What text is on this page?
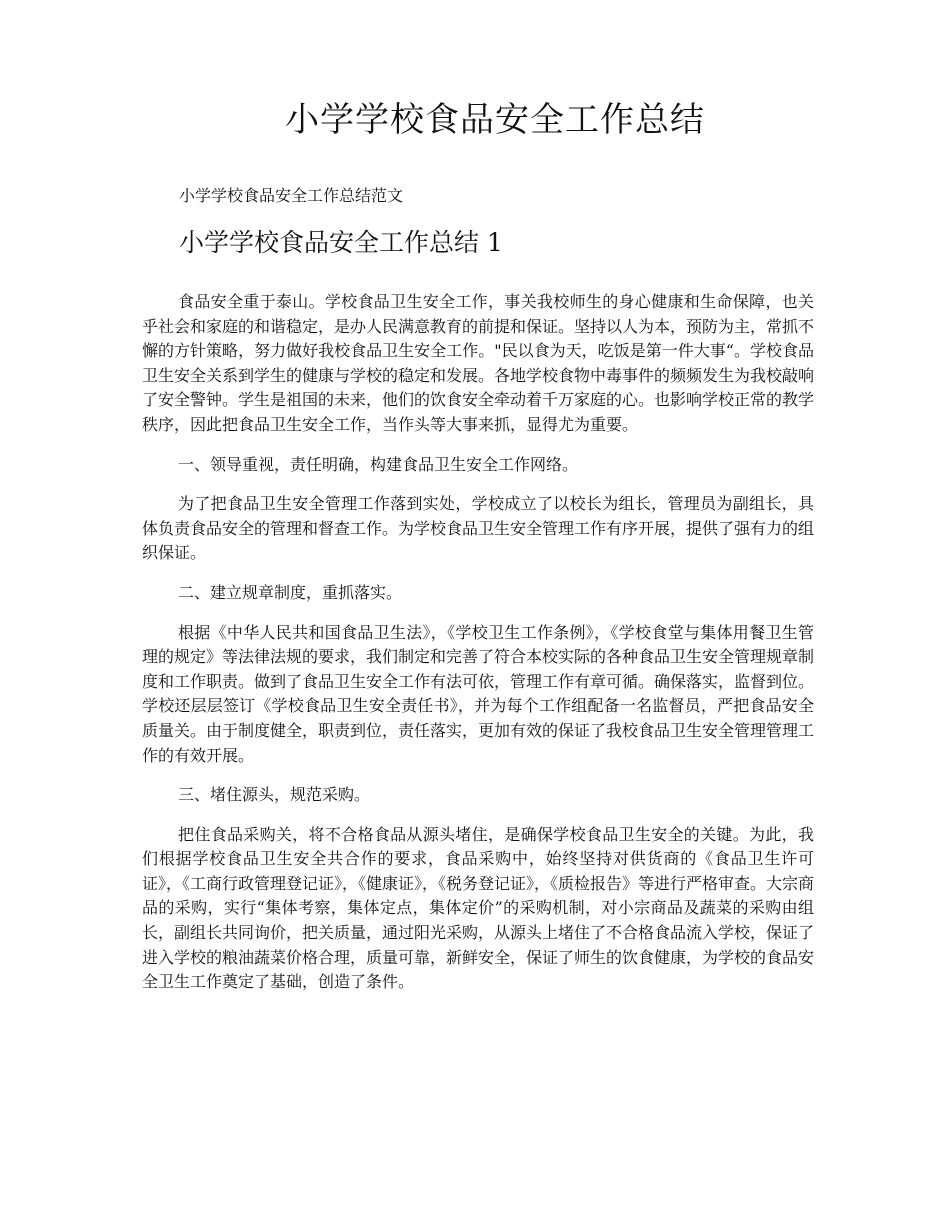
小学学校食品安全工作总结
小学学校食品安全工作总结范文
小学学校食品安全工作总结 1

食品安全重于泰山。学校食品卫生安全工作，事关我校师生的身心健康和生命保障，也关乎社会和家庭的和谐稳定，是办人民满意教育的前提和保证。坚持以人为本，预防为主，常抓不懈的方针策略，努力做好我校食品卫生安全工作。"民以食为天，吃饭是第一件大事“。学校食品卫生安全关系到学生的健康与学校的稳定和发展。各地学校食物中毒事件的频频发生为我校敲响了安全警钟。学生是祖国的未来，他们的饮食安全牵动着千万家庭的心。也影响学校正常的教学秩序，因此把食品卫生安全工作，当作头等大事来抓，显得尤为重要。

一、领导重视，责任明确，构建食品卫生安全工作网络。

为了把食品卫生安全管理工作落到实处，学校成立了以校长为组长，管理员为副组长，具体负责食品安全的管理和督查工作。为学校食品卫生安全管理工作有序开展，提供了强有力的组织保证。

二、建立规章制度，重抓落实。

根据《中华人民共和国食品卫生法》，《学校卫生工作条例》，《学校食堂与集体用餐卫生管理的规定》等法律法规的要求，我们制定和完善了符合本校实际的各种食品卫生安全管理规章制度和工作职责。做到了食品卫生安全工作有法可依，管理工作有章可循。确保落实，监督到位。学校还层层签订《学校食品卫生安全责任书》，并为每个工作组配备一名监督员，严把食品安全质量关。由于制度健全，职责到位，责任落实，更加有效的保证了我校食品卫生安全管理管理工作的有效开展。

三、堵住源头，规范采购。

把住食品采购关，将不合格食品从源头堵住，是确保学校食品卫生安全的关键。为此，我们根据学校食品卫生安全共合作的要求，食品采购中，始终坚持对供货商的《食品卫生许可证》，《工商行政管理登记证》，《健康证》，《税务登记证》，《质检报告》等进行严格审查。大宗商品的采购，实行“集体考察，集体定点，集体定价”的采购机制，对小宗商品及蔬菜的采购由组长，副组长共同询价，把关质量，通过阳光采购，从源头上堵住了不合格食品流入学校，保证了进入学校的粮油蔬菜价格合理，质量可靠，新鲜安全，保证了师生的饮食健康，为学校的食品安全卫生工作奠定了基础，创造了条件。
